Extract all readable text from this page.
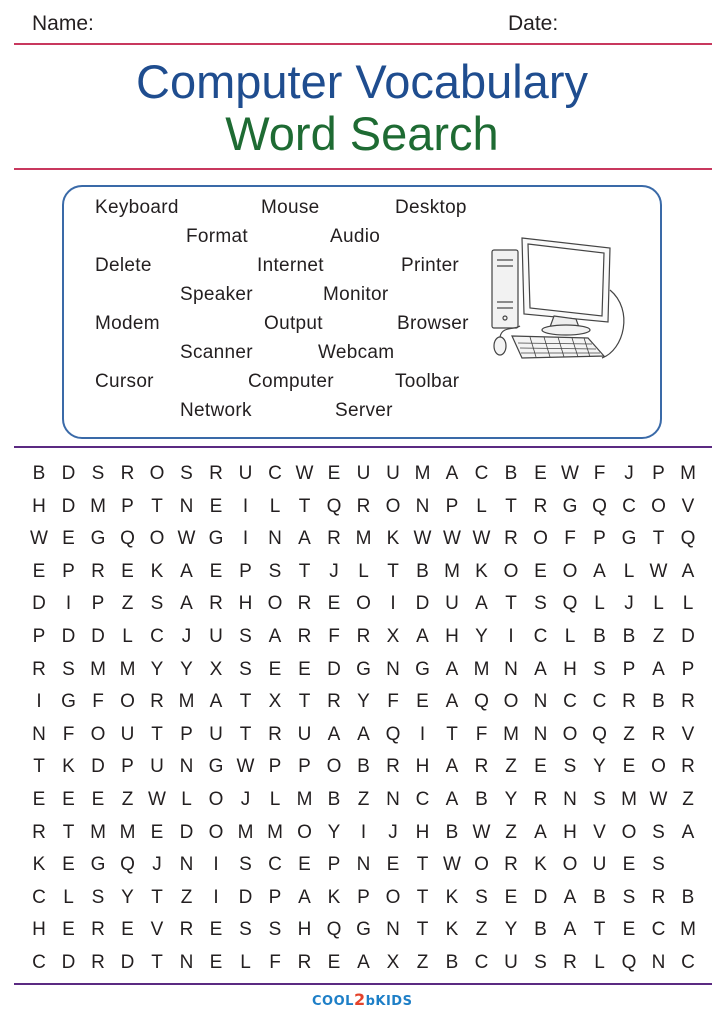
Name:	Date:
Computer Vocabulary
Word Search
Keyboard	Mouse	Desktop
Format	Audio
Delete	Internet	Printer
Speaker	Monitor
Modem	Output	Browser
Scanner	Webcam
Cursor	Computer	Toolbar
Network	Server
B D S R O S R U C W E U U M A C B E W F J P M
H D M P T N E	I	L T Q R O N P L T R G Q C O V
W E G Q O W G	I	N A R M K W W W R O F P G T Q
E P R E K A E P S T J	L T B M K O E O A L W A
D	I	P Z S A R H O R E O	I	D U A T S Q L	J	L L
P D D L C J U S A R F R X A H Y	I	C L B B Z D
R S M M Y Y X S E E D G N G A M N A H S P A P
I	G F O R M A T X T R Y F E A Q O N C C R B R
N F O U T P U T R U A A Q	I	T F M N O Q Z R V
T K D P U N G W P P O B R H A R Z E S Y E O R
E E E Z W L O J	L M B Z N C A B Y R N S M W Z
R T M M E D O M M O Y	I	J H B W Z A H V O S A
K E G Q J N	I	S C E P N E T W O R K O U E S
C L S Y T Z	I	D P A K P O T K S E D A B S R B
H E R E V R E S S H Q G N T K Z Y B A T E C M
C D R D T N E L F R E A X Z B C U S R L Q N C
COOL2bKIDS
